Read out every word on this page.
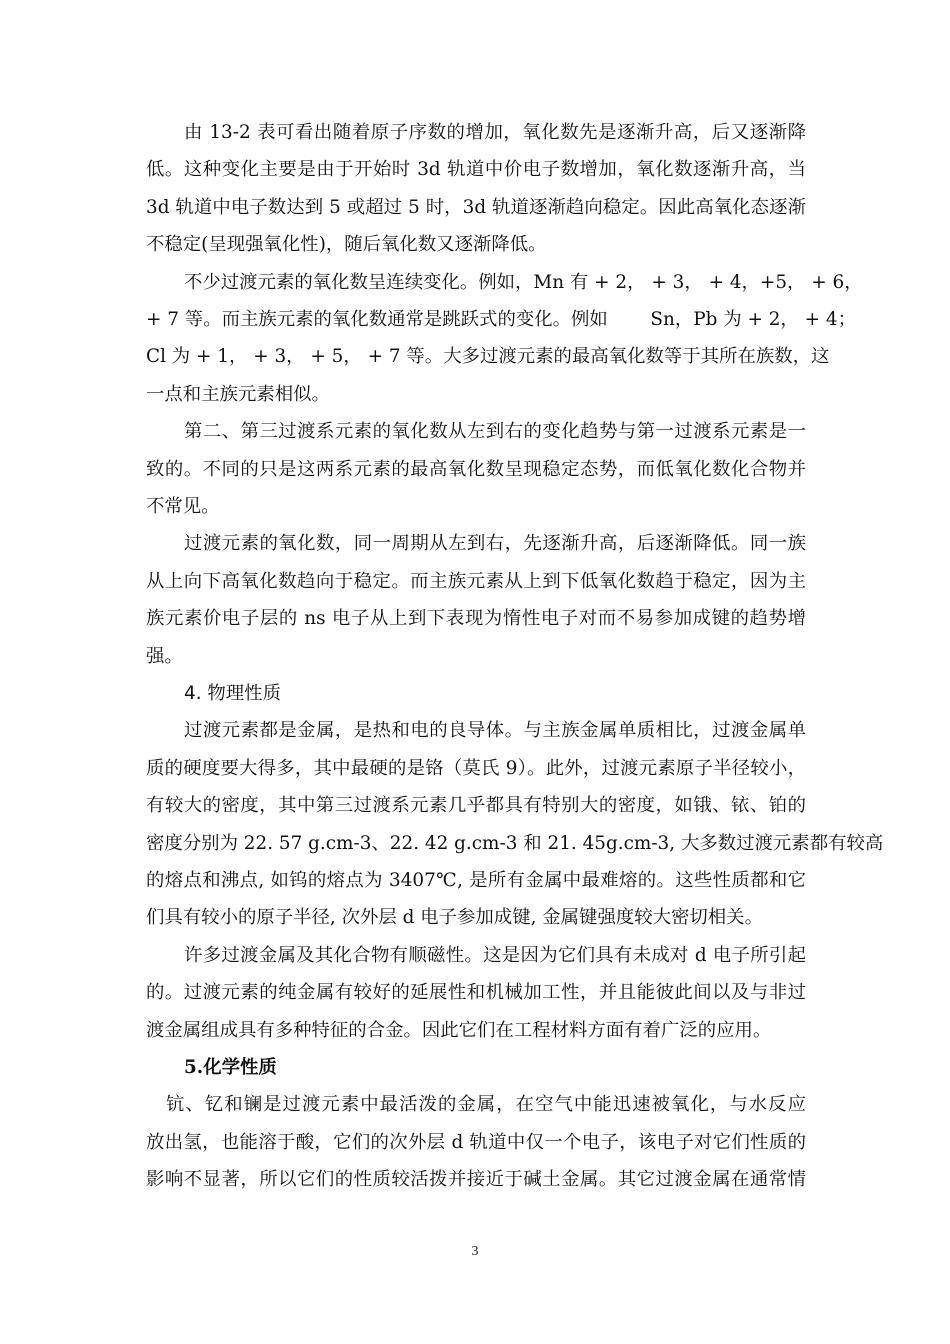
由 13-2 表可看出随着原子序数的增加，氧化数先是逐渐升高，后又逐渐降
低。这种变化主要是由于开始时 3d 轨道中价电子数增加，氧化数逐渐升高，当
3d 轨道中电子数达到 5 或超过 5 时，3d 轨道逐渐趋向稳定。因此高氧化态逐渐
不稳定(呈现强氧化性)，随后氧化数又逐渐降低。
不少过渡元素的氧化数呈连续变化。例如，Mn 有 + 2， + 3， + 4，+5， + 6，
+ 7 等。而主族元素的氧化数通常是跳跃式的变化。例如　　 Sn，Pb 为 + 2， + 4；
Cl 为 + 1， + 3， + 5， + 7 等。大多过渡元素的最高氧化数等于其所在族数，这
一点和主族元素相似。
第二、第三过渡系元素的氧化数从左到右的变化趋势与第一过渡系元素是一
致的。不同的只是这两系元素的最高氧化数呈现稳定态势，而低氧化数化合物并
不常见。
过渡元素的氧化数，同一周期从左到右，先逐渐升高，后逐渐降低。同一族
从上向下高氧化数趋向于稳定。而主族元素从上到下低氧化数趋于稳定，因为主
族元素价电子层的 ns 电子从上到下表现为惰性电子对而不易参加成键的趋势增
强。
4. 物理性质
过渡元素都是金属，是热和电的良导体。与主族金属单质相比，过渡金属单
质的硬度要大得多，其中最硬的是铬（莫氏 9）。此外，过渡元素原子半径较小，
有较大的密度，其中第三过渡系元素几乎都具有特别大的密度，如锇、铱、铂的
密度分别为 22. 57 g.cm-3、22. 42 g.cm-3 和 21. 45g.cm-3, 大多数过渡元素都有较高
的熔点和沸点, 如钨的熔点为 3407℃, 是所有金属中最难熔的。这些性质都和它
们具有较小的原子半径, 次外层 d 电子参加成键, 金属键强度较大密切相关。
许多过渡金属及其化合物有顺磁性。这是因为它们具有未成对 d 电子所引起
的。过渡元素的纯金属有较好的延展性和机械加工性，并且能彼此间以及与非过
渡金属组成具有多种特征的合金。因此它们在工程材料方面有着广泛的应用。
5.化学性质
钪、钇和镧是过渡元素中最活泼的金属，在空气中能迅速被氧化，与水反应
放出氢，也能溶于酸，它们的次外层 d 轨道中仅一个电子，该电子对它们性质的
影响不显著，所以它们的性质较活拨并接近于碱土金属。其它过渡金属在通常情
3
